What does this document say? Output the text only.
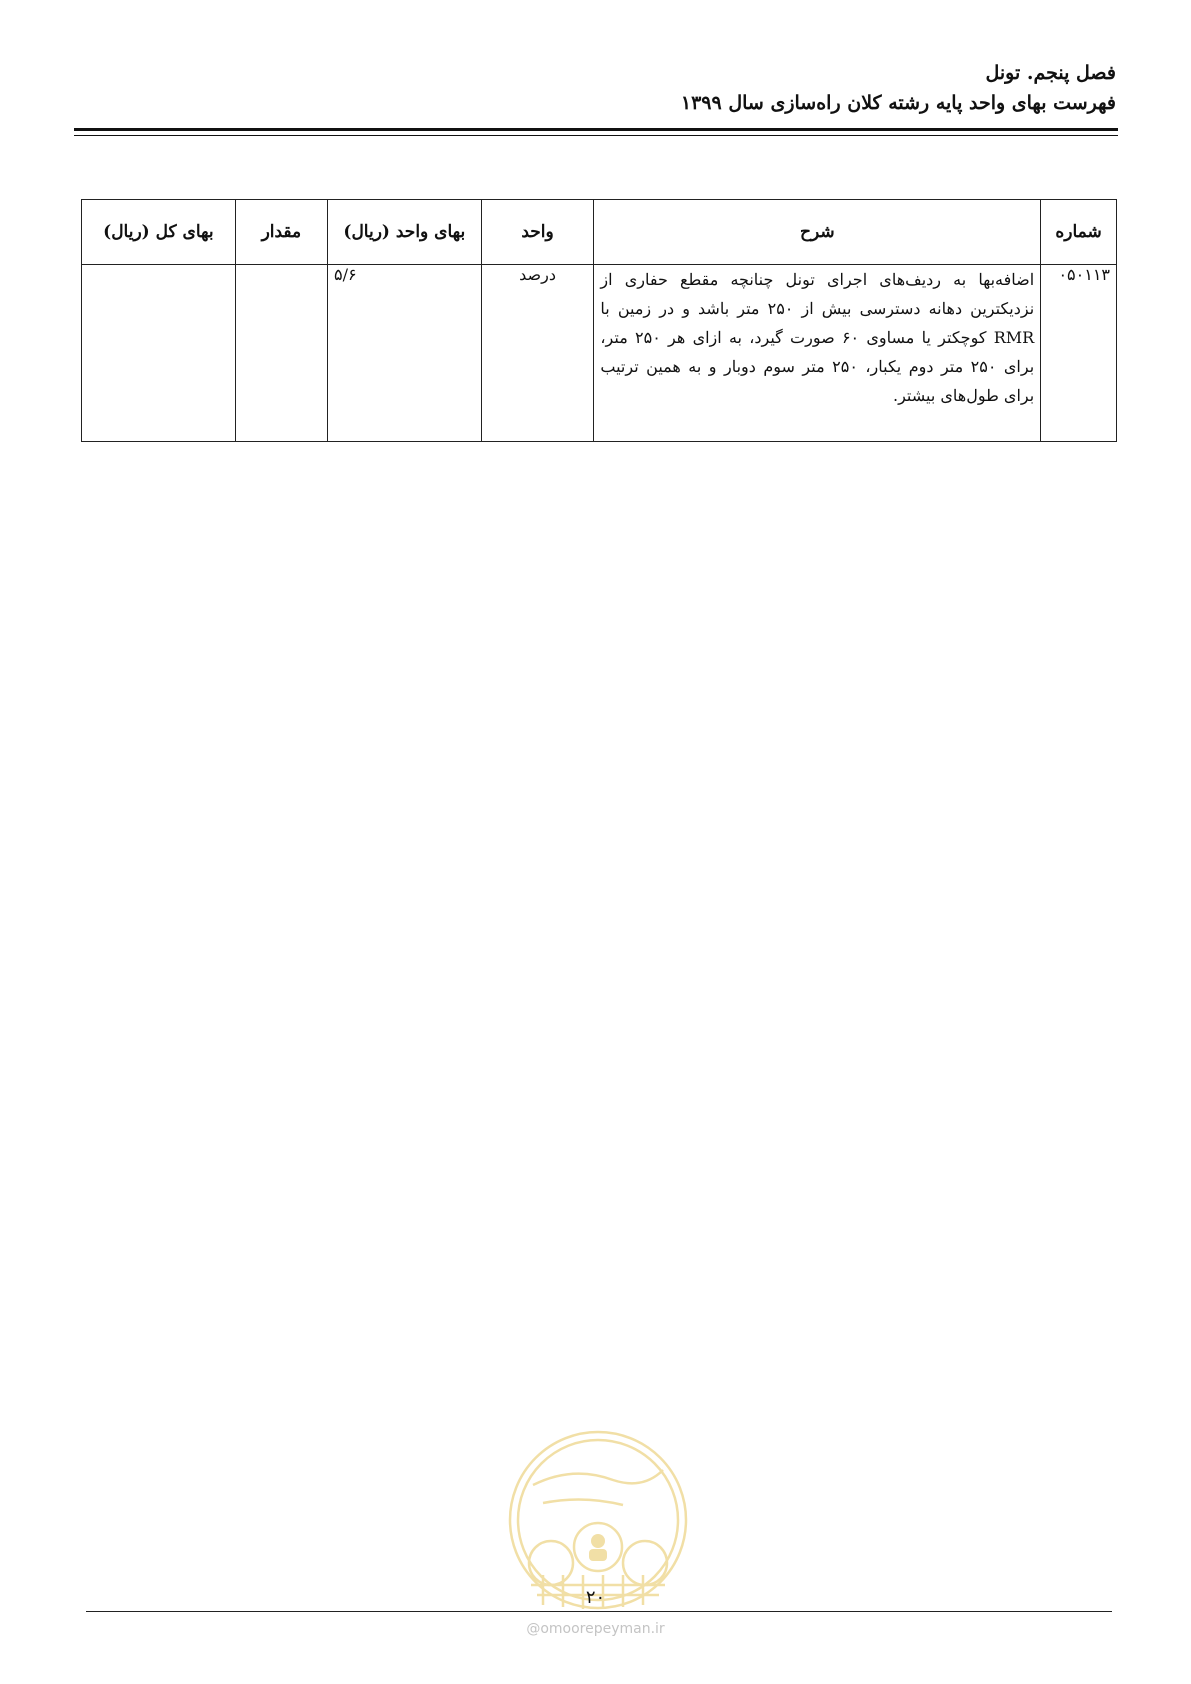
فصل پنجم. تونل
فهرست بهای واحد پایه رشته کلان راه‌سازی سال ۱۳۹۹
شماره	شرح	واحد	بهای واحد (ریال)	مقدار	بهای کل (ریال)
۰۵۰۱۱۳	اضافه‌بها به ردیف‌های اجرای تونل چنانچه مقطع حفاری از نزدیکترین دهانه دسترسی بیش از ۲۵۰ متر باشد و در زمین با RMR کوچکتر یا مساوی ۶۰ صورت گیرد، به ازای هر ۲۵۰ متر، برای ۲۵۰ متر دوم یکبار، ۲۵۰ متر سوم دوبار و به همین ترتیب برای طول‌های بیشتر.	درصد	۵/۶		
۲۰
@omoorepeyman.ir
